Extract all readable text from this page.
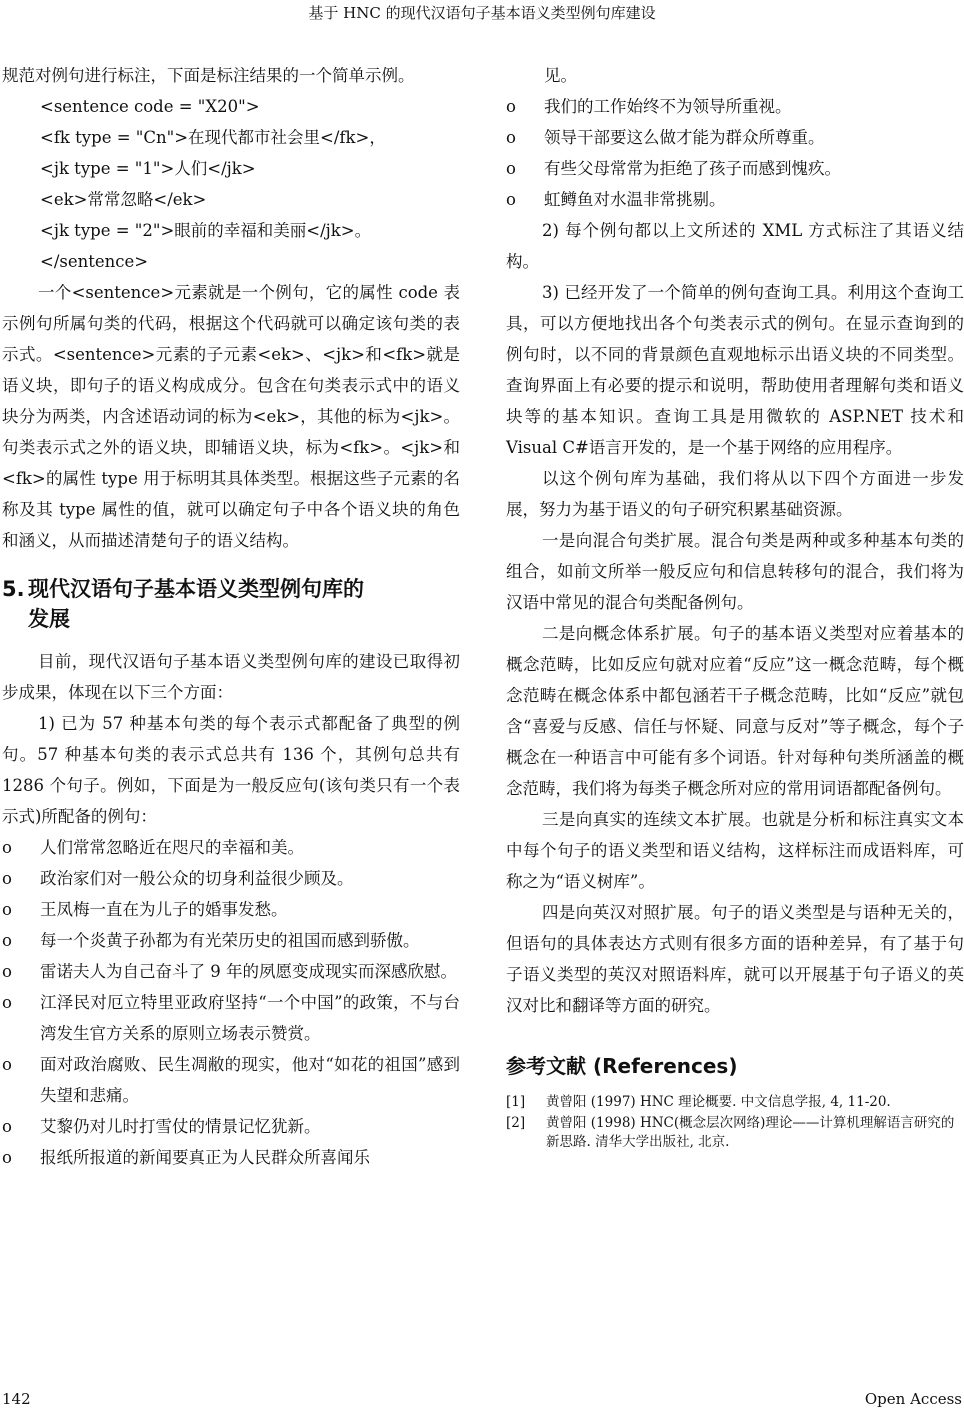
基于 HNC 的现代汉语句子基本语义类型例句库建设

规范对例句进行标注，下面是标注结果的一个简单示例。

<sentence code = "X20">

<fk type = "Cn">在现代都市社会里</fk>，

<jk type = "1">人们</jk>

<ek>常常忽略</ek>

<jk type = "2">眼前的幸福和美丽</jk>。

</sentence>

一个<sentence>元素就是一个例句，它的属性 code 表示例句所属句类的代码，根据这个代码就可以确定该句类的表示式。<sentence>元素的子元素<ek>、<jk>和<fk>就是语义块，即句子的语义构成成分。包含在句类表示式中的语义块分为两类，内含述语动词的标为<ek>，其他的标为<jk>。句类表示式之外的语义块，即辅语义块，标为<fk>。<jk>和<fk>的属性 type 用于标明其具体类型。根据这些子元素的名称及其 type 属性的值，就可以确定句子中各个语义块的角色和涵义，从而描述清楚句子的语义结构。

5. 现代汉语句子基本语义类型例句库的
发展

目前，现代汉语句子基本语义类型例句库的建设已取得初步成果，体现在以下三个方面：

1) 已为 57 种基本句类的每个表示式都配备了典型的例句。57 种基本句类的表示式总共有 136 个，其例句总共有 1286 个句子。例如，下面是为一般反应句(该句类只有一个表示式)所配备的例句：

o 人们常常忽略近在咫尺的幸福和美。
o 政治家们对一般公众的切身利益很少顾及。
o 王凤梅一直在为儿子的婚事发愁。
o 每一个炎黄子孙都为有光荣历史的祖国而感到骄傲。
o 雷诺夫人为自己奋斗了 9 年的夙愿变成现实而深感欣慰。
o 江泽民对厄立特里亚政府坚持“一个中国”的政策，不与台湾发生官方关系的原则立场表示赞赏。
o 面对政治腐败、民生凋敝的现实，他对“如花的祖国”感到失望和悲痛。
o 艾黎仍对儿时打雪仗的情景记忆犹新。
o 报纸所报道的新闻要真正为人民群众所喜闻乐

见。

o 我们的工作始终不为领导所重视。
o 领导干部要这么做才能为群众所尊重。
o 有些父母常常为拒绝了孩子而感到愧疚。
o 虹鳟鱼对水温非常挑剔。

2) 每个例句都以上文所述的 XML 方式标注了其语义结构。

3) 已经开发了一个简单的例句查询工具。利用这个查询工具，可以方便地找出各个句类表示式的例句。在显示查询到的例句时，以不同的背景颜色直观地标示出语义块的不同类型。查询界面上有必要的提示和说明，帮助使用者理解句类和语义块等的基本知识。查询工具是用微软的 ASP.NET 技术和 Visual C#语言开发的，是一个基于网络的应用程序。

以这个例句库为基础，我们将从以下四个方面进一步发展，努力为基于语义的句子研究积累基础资源。

一是向混合句类扩展。混合句类是两种或多种基本句类的组合，如前文所举一般反应句和信息转移句的混合，我们将为汉语中常见的混合句类配备例句。

二是向概念体系扩展。句子的基本语义类型对应着基本的概念范畴，比如反应句就对应着“反应”这一概念范畴，每个概念范畴在概念体系中都包涵若干子概念范畴，比如“反应”就包含“喜爱与反感、信任与怀疑、同意与反对”等子概念，每个子概念在一种语言中可能有多个词语。针对每种句类所涵盖的概念范畴，我们将为每类子概念所对应的常用词语都配备例句。

三是向真实的连续文本扩展。也就是分析和标注真实文本中每个句子的语义类型和语义结构，这样标注而成语料库，可称之为“语义树库”。

四是向英汉对照扩展。句子的语义类型是与语种无关的，但语句的具体表达方式则有很多方面的语种差异，有了基于句子语义类型的英汉对照语料库，就可以开展基于句子语义的英汉对比和翻译等方面的研究。

参考文献 (References)
[1] 黄曾阳 (1997) HNC 理论概要. 中文信息学报, 4, 11-20.
[2] 黄曾阳 (1998) HNC(概念层次网络)理论——计算机理解语言研究的新思路. 清华大学出版社, 北京.
142	Open Access
